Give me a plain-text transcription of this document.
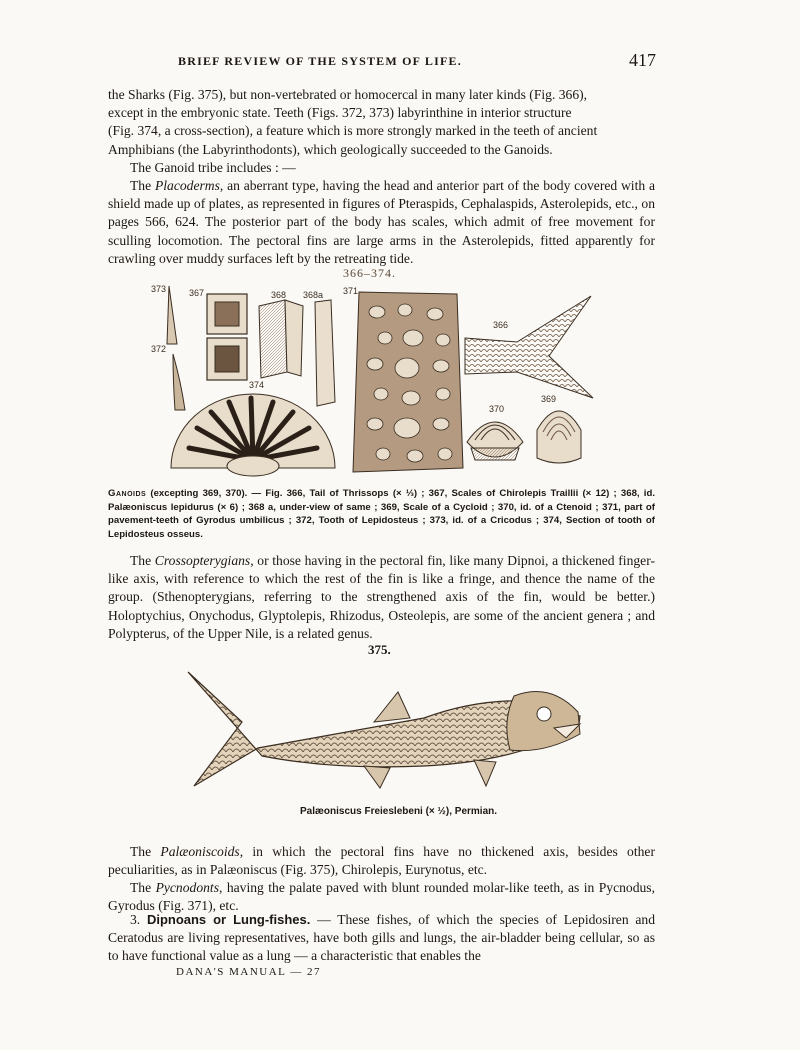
BRIEF REVIEW OF THE SYSTEM OF LIFE.	417
the Sharks (Fig. 375), but non-vertebrated or homocercal in many later kinds (Fig. 366),
except in the embryonic state. Teeth (Figs. 372, 373) labyrinthine in interior structure
(Fig. 374, a cross-section), a feature which is more strongly marked in the teeth of ancient
Amphibians (the Labyrinthodonts), which geologically succeeded to the Ganoids.

The Ganoid tribe includes : —

The Placoderms, an aberrant type, having the head and anterior part of the body covered with a shield made up of plates, as represented in figures of Pteraspids, Cephalaspids, Asterolepids, etc., on pages 566, 624. The posterior part of the body has scales, which admit of free movement for sculling locomotion. The pectoral fins are large arms in the Asterolepids, fitted apparently for crawling over muddy surfaces left by the retreating tide.

366–374.
373
372
367	368 368a 371
374
366
370
369
Ganoids (excepting 369, 370). — Fig. 366, Tail of Thrissops (× ⅓) ; 367, Scales of Chirolepis Traillii (× 12) ; 368, id. Palæoniscus lepidurus (× 6) ; 368 a, under-view of same ; 369, Scale of a Cycloid ; 370, id. of a Ctenoid ; 371, part of pavement-teeth of Gyrodus umbilicus ; 372, Tooth of Lepidosteus ; 373, id. of a Cricodus ; 374, Section of tooth of Lepidosteus osseus.

The Crossopterygians, or those having in the pectoral fin, like many Dipnoi, a thickened finger-like axis, with reference to which the rest of the fin is like a fringe, and thence the name of the group. (Sthenopterygians, referring to the strengthened axis of the fin, would be better.) Holoptychius, Onychodus, Glyptolepis, Rhizodus, Osteolepis, are some of the ancient genera ; and Polypterus, of the Upper Nile, is a related genus.

375.
Palæoniscus Freieslebeni (× ½), Permian.

The Palæoniscoids, in which the pectoral fins have no thickened axis, besides other peculiarities, as in Palæoniscus (Fig. 375), Chirolepis, Eurynotus, etc.

The Pycnodonts, having the palate paved with blunt rounded molar-like teeth, as in Pycnodus, Gyrodus (Fig. 371), etc.

3. Dipnoans or Lung-fishes. — These fishes, of which the species of Lepidosiren and Ceratodus are living representatives, have both gills and lungs, the air-bladder being cellular, so as to have functional value as a lung — a characteristic that enables the

DANA'S MANUAL — 27
